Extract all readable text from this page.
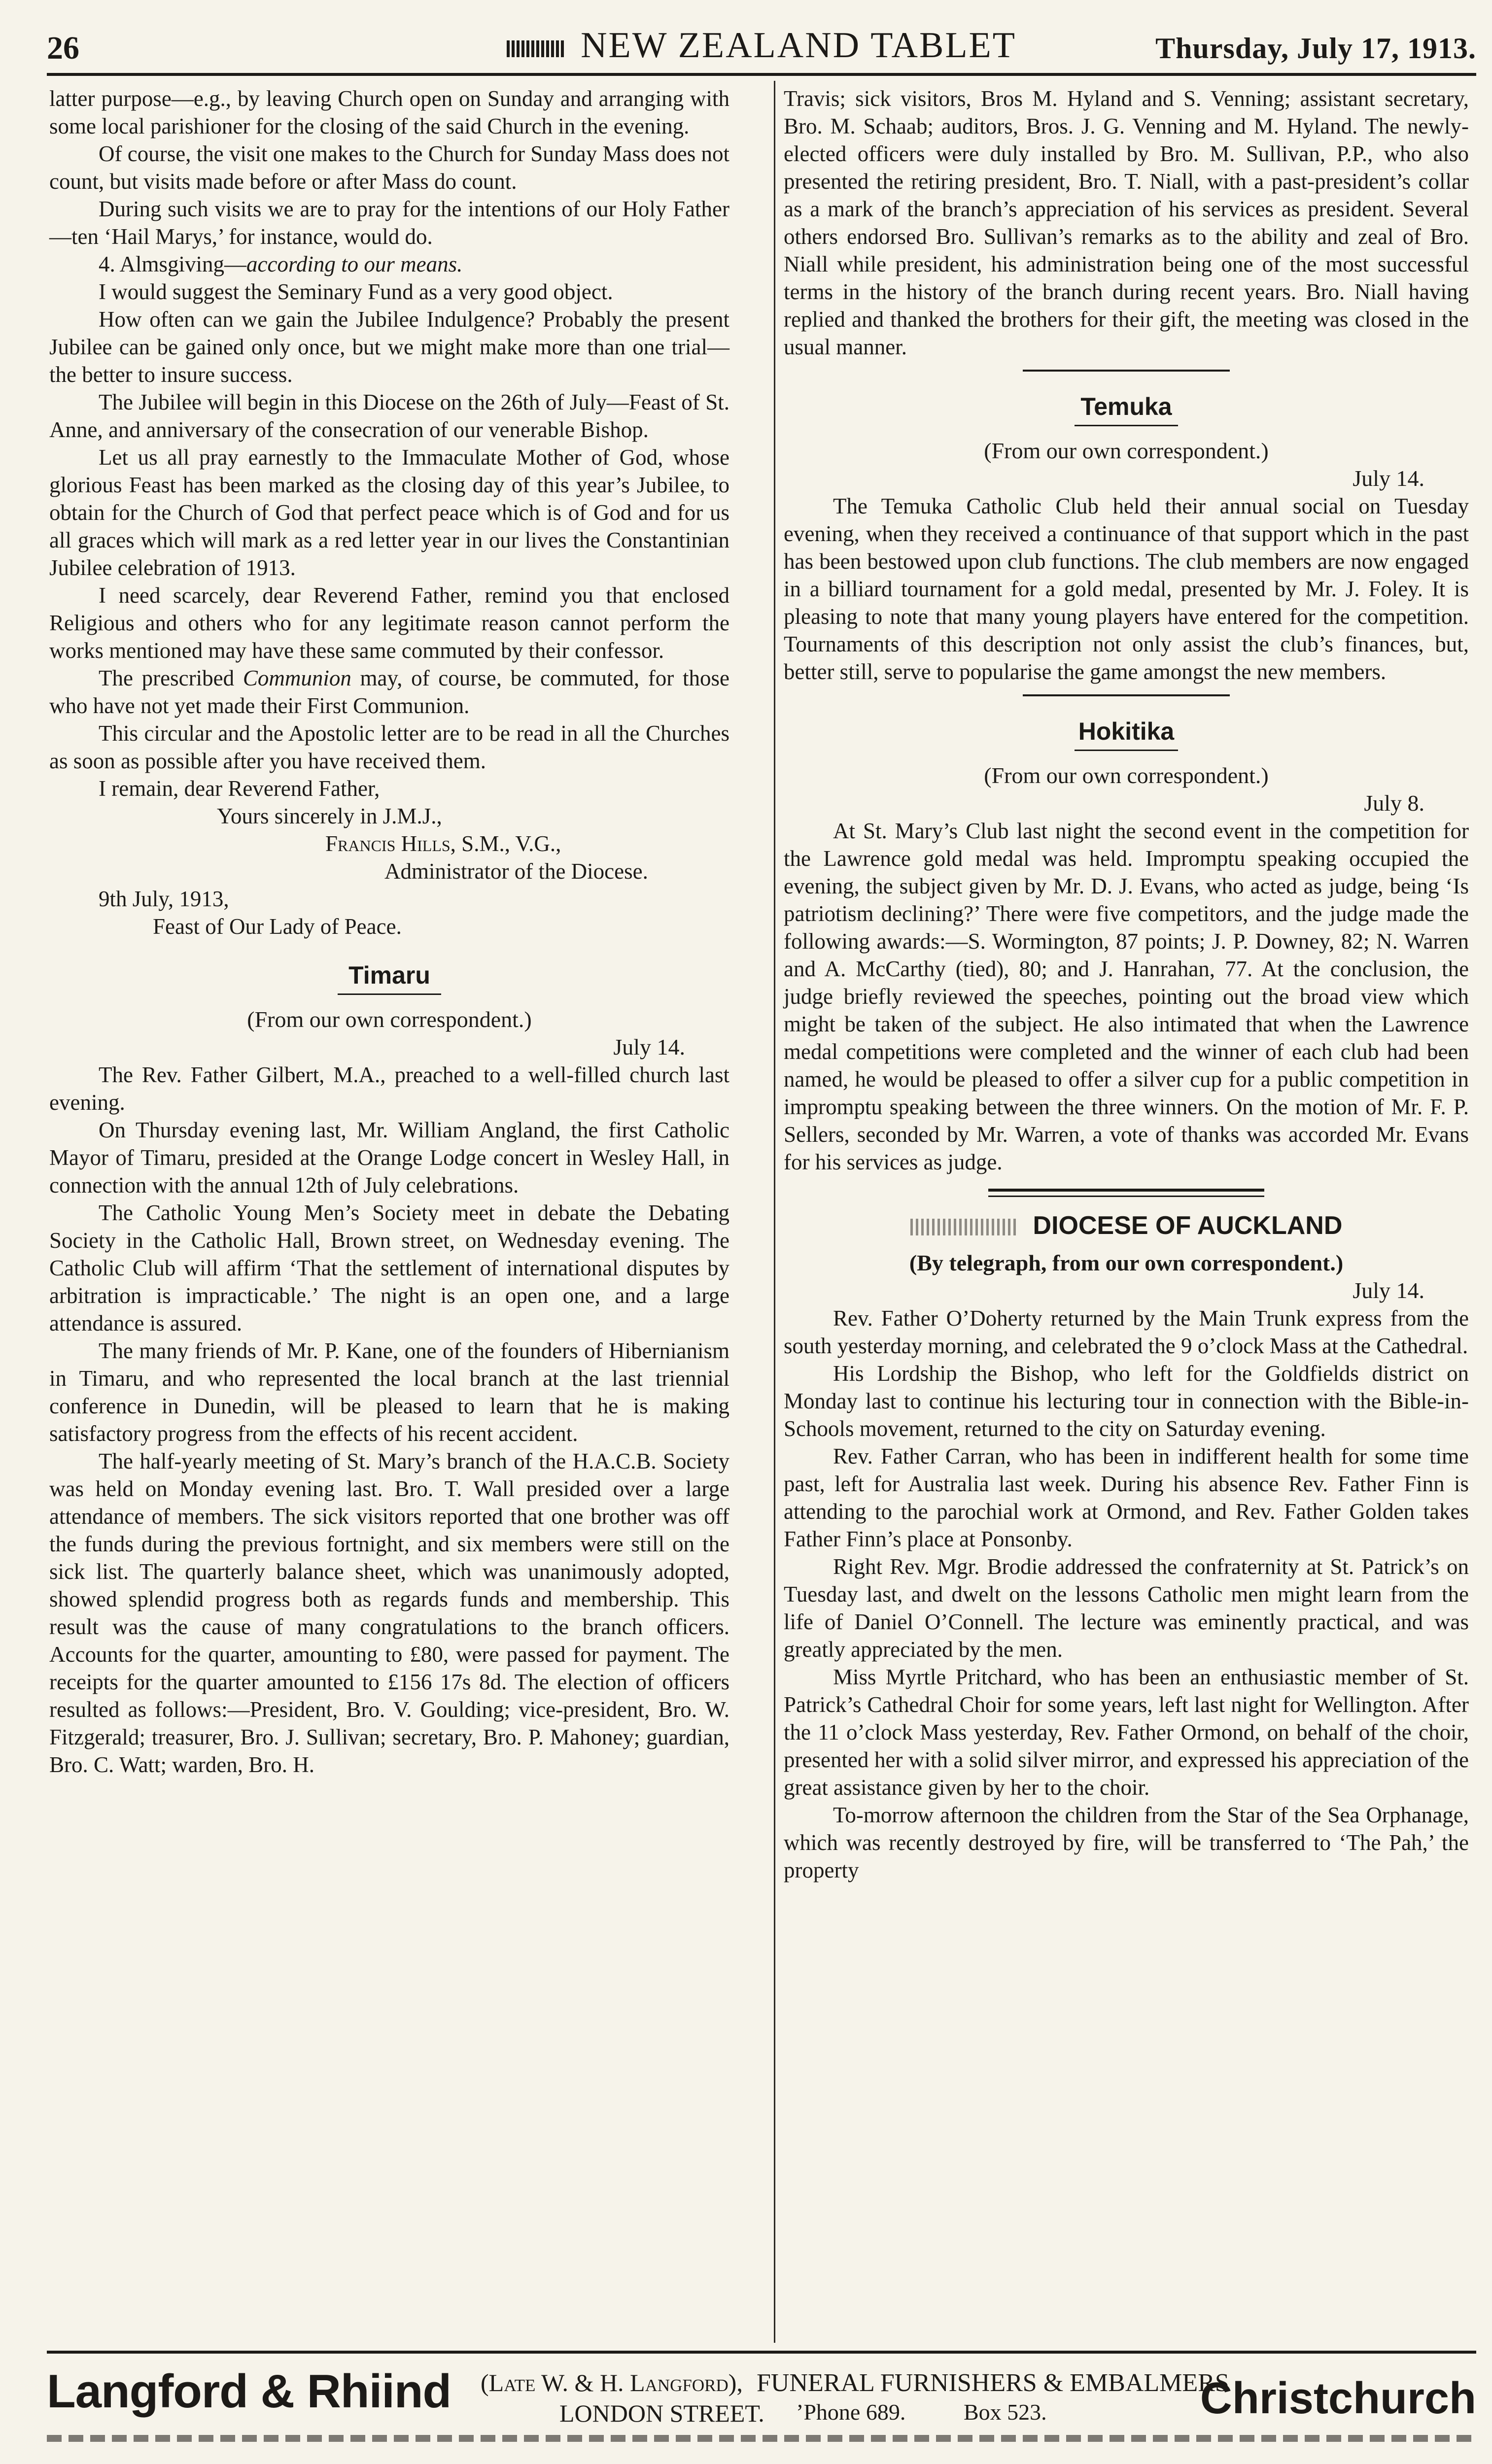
26	NEW ZEALAND TABLET	Thursday, July 17, 1913.

latter purpose—e.g., by leaving Church open on Sunday and arranging with some local parishioner for the closing of the said Church in the evening.

Of course, the visit one makes to the Church for Sunday Mass does not count, but visits made before or after Mass do count.

During such visits we are to pray for the intentions of our Holy Father—ten ‘Hail Marys,’ for instance, would do.

4. Almsgiving—according to our means.

I would suggest the Seminary Fund as a very good object.

How often can we gain the Jubilee Indulgence? Probably the present Jubilee can be gained only once, but we might make more than one trial—the better to insure success.

The Jubilee will begin in this Diocese on the 26th of July—Feast of St. Anne, and anniversary of the consecration of our venerable Bishop.

Let us all pray earnestly to the Immaculate Mother of God, whose glorious Feast has been marked as the closing day of this year’s Jubilee, to obtain for the Church of God that perfect peace which is of God and for us all graces which will mark as a red letter year in our lives the Constantinian Jubilee celebration of 1913.

I need scarcely, dear Reverend Father, remind you that enclosed Religious and others who for any legitimate reason cannot perform the works mentioned may have these same commuted by their confessor.

The prescribed Communion may, of course, be commuted, for those who have not yet made their First Communion.

This circular and the Apostolic letter are to be read in all the Churches as soon as possible after you have received them.

I remain, dear Reverend Father,

Yours sincerely in J.M.J.,

Francis Hills, S.M., V.G.,

Administrator of the Diocese.

9th July, 1913,

Feast of Our Lady of Peace.

Timaru
(From our own correspondent.)
July 14.

The Rev. Father Gilbert, M.A., preached to a well-filled church last evening.

On Thursday evening last, Mr. William Angland, the first Catholic Mayor of Timaru, presided at the Orange Lodge concert in Wesley Hall, in connection with the annual 12th of July celebrations.

The Catholic Young Men’s Society meet in debate the Debating Society in the Catholic Hall, Brown street, on Wednesday evening. The Catholic Club will affirm ‘That the settlement of international disputes by arbitration is impracticable.’ The night is an open one, and a large attendance is assured.

The many friends of Mr. P. Kane, one of the founders of Hibernianism in Timaru, and who represented the local branch at the last triennial conference in Dunedin, will be pleased to learn that he is making satisfactory progress from the effects of his recent accident.

The half-yearly meeting of St. Mary’s branch of the H.A.C.B. Society was held on Monday evening last. Bro. T. Wall presided over a large attendance of members. The sick visitors reported that one brother was off the funds during the previous fortnight, and six members were still on the sick list. The quarterly balance sheet, which was unanimously adopted, showed splendid progress both as regards funds and membership. This result was the cause of many congratulations to the branch officers. Accounts for the quarter, amounting to £80, were passed for payment. The receipts for the quarter amounted to £156 17s 8d. The election of officers resulted as follows:—President, Bro. V. Goulding; vice-president, Bro. W. Fitzgerald; treasurer, Bro. J. Sullivan; secretary, Bro. P. Mahoney; guardian, Bro. C. Watt; warden, Bro. H.

Travis; sick visitors, Bros M. Hyland and S. Venning; assistant secretary, Bro. M. Schaab; auditors, Bros. J. G. Venning and M. Hyland. The newly-elected officers were duly installed by Bro. M. Sullivan, P.P., who also presented the retiring president, Bro. T. Niall, with a past-president’s collar as a mark of the branch’s appreciation of his services as president. Several others endorsed Bro. Sullivan’s remarks as to the ability and zeal of Bro. Niall while president, his administration being one of the most successful terms in the history of the branch during recent years. Bro. Niall having replied and thanked the brothers for their gift, the meeting was closed in the usual manner.

Temuka
(From our own correspondent.)
July 14.

The Temuka Catholic Club held their annual social on Tuesday evening, when they received a continuance of that support which in the past has been bestowed upon club functions. The club members are now engaged in a billiard tournament for a gold medal, presented by Mr. J. Foley. It is pleasing to note that many young players have entered for the competition. Tournaments of this description not only assist the club’s finances, but, better still, serve to popularise the game amongst the new members.

Hokitika
(From our own correspondent.)
July 8.

At St. Mary’s Club last night the second event in the competition for the Lawrence gold medal was held. Impromptu speaking occupied the evening, the subject given by Mr. D. J. Evans, who acted as judge, being ‘Is patriotism declining?’ There were five competitors, and the judge made the following awards:—S. Wormington, 87 points; J. P. Downey, 82; N. Warren and A. McCarthy (tied), 80; and J. Hanrahan, 77. At the conclusion, the judge briefly reviewed the speeches, pointing out the broad view which might be taken of the subject. He also intimated that when the Lawrence medal competitions were completed and the winner of each club had been named, he would be pleased to offer a silver cup for a public competition in impromptu speaking between the three winners. On the motion of Mr. F. P. Sellers, seconded by Mr. Warren, a vote of thanks was accorded Mr. Evans for his services as judge.

DIOCESE OF AUCKLAND
(By telegraph, from our own correspondent.)
July 14.

Rev. Father O’Doherty returned by the Main Trunk express from the south yesterday morning, and celebrated the 9 o’clock Mass at the Cathedral.

His Lordship the Bishop, who left for the Goldfields district on Monday last to continue his lecturing tour in connection with the Bible-in-Schools movement, returned to the city on Saturday evening.

Rev. Father Carran, who has been in indifferent health for some time past, left for Australia last week. During his absence Rev. Father Finn is attending to the parochial work at Ormond, and Rev. Father Golden takes Father Finn’s place at Ponsonby.

Right Rev. Mgr. Brodie addressed the confraternity at St. Patrick’s on Tuesday last, and dwelt on the lessons Catholic men might learn from the life of Daniel O’Connell. The lecture was eminently practical, and was greatly appreciated by the men.

Miss Myrtle Pritchard, who has been an enthusiastic member of St. Patrick’s Cathedral Choir for some years, left last night for Wellington. After the 11 o’clock Mass yesterday, Rev. Father Ormond, on behalf of the choir, presented her with a solid silver mirror, and expressed his appreciation of the great assistance given by her to the choir.

To-morrow afternoon the children from the Star of the Sea Orphanage, which was recently destroyed by fire, will be transferred to ‘The Pah,’ the property

Langford & Rhiind (Late W. & H. Langford),
LONDON STREET.
FUNERAL FURNISHERS & EMBALMERS
’Phone 689.	Box 523.	Christchurch
